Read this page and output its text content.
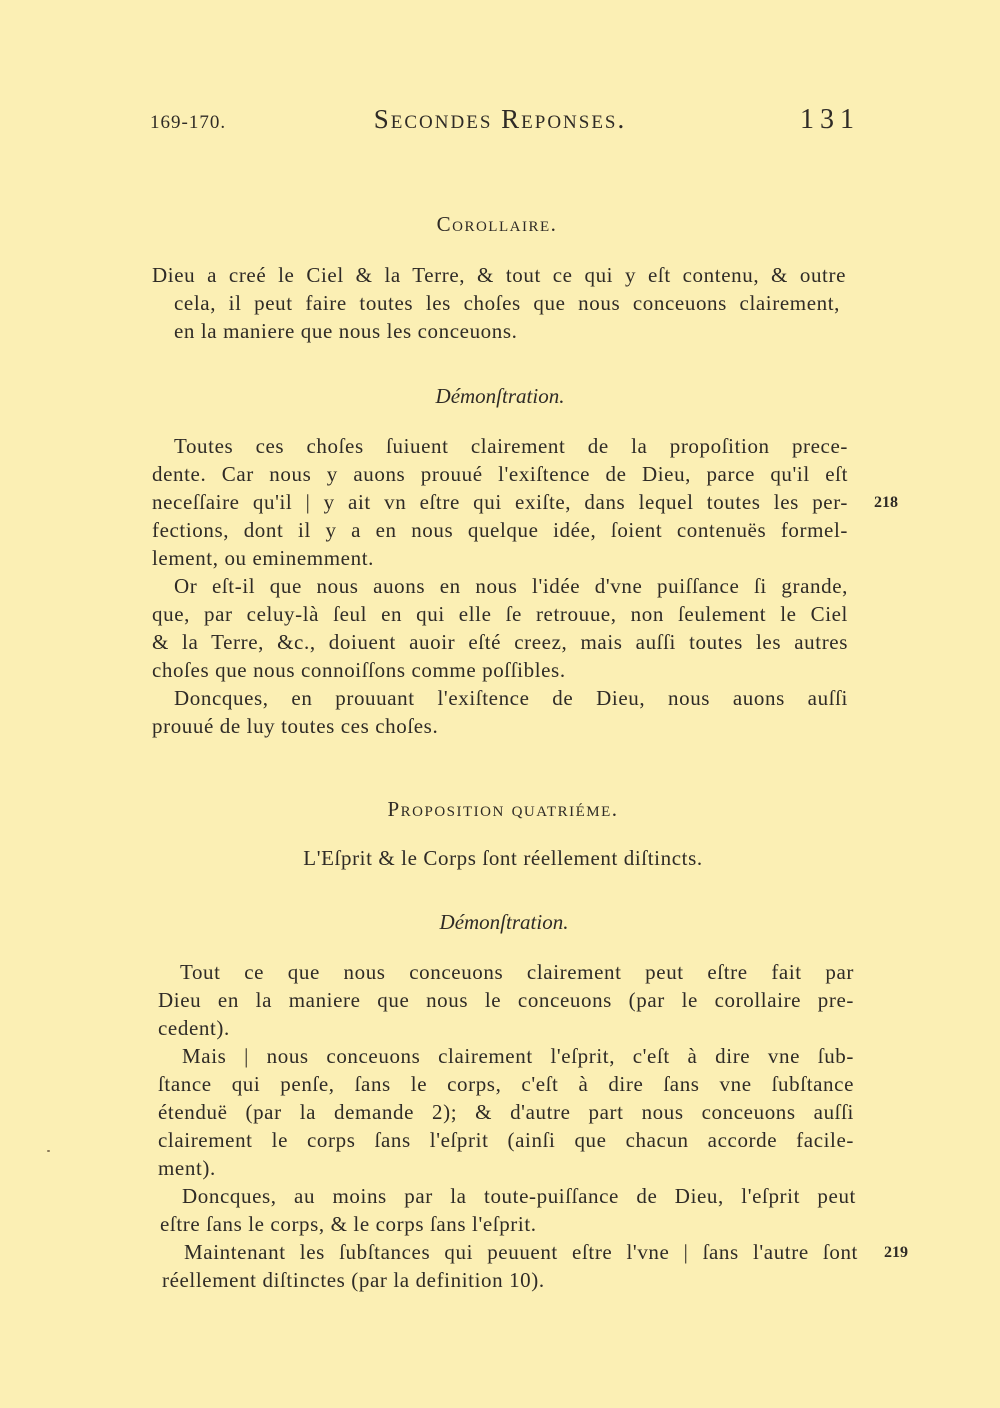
169-170.	Secondes Reponses.	131
Corollaire.
Dieu a creé le Ciel & la Terre, & tout ce qui y eſt contenu, & outre
cela, il peut faire toutes les choſes que nous conceuons clairement,
en la maniere que nous les conceuons.
Démonſtration.
Toutes ces choſes ſuiuent clairement de la propoſition prece-
dente. Car nous y auons prouué l'exiſtence de Dieu, parce qu'il eſt
neceſſaire qu'il | y ait vn eſtre qui exiſte, dans lequel toutes les per- 218
fections, dont il y a en nous quelque idée, ſoient contenuës formel-
lement, ou eminemment.
Or eſt-il que nous auons en nous l'idée d'vne puiſſance ſi grande,
que, par celuy-là ſeul en qui elle ſe retrouue, non ſeulement le Ciel
& la Terre, &c., doiuent auoir eſté creez, mais auſſi toutes les autres
choſes que nous connoiſſons comme poſſibles.
Doncques, en prouuant l'exiſtence de Dieu, nous auons auſſi
prouué de luy toutes ces choſes.
Proposition quatriéme.
L'Eſprit & le Corps ſont réellement diſtincts.
Démonſtration.
Tout ce que nous conceuons clairement peut eſtre fait par
Dieu en la maniere que nous le conceuons (par le corollaire pre-
cedent).
Mais | nous conceuons clairement l'eſprit, c'eſt à dire vne ſub-
ſtance qui penſe, ſans le corps, c'eſt à dire ſans vne ſubſtance
étenduë (par la demande 2); & d'autre part nous conceuons auſſi
clairement le corps ſans l'eſprit (ainſi que chacun accorde facile-
ment).
Doncques, au moins par la toute-puiſſance de Dieu, l'eſprit peut
eſtre ſans le corps, & le corps ſans l'eſprit.
Maintenant les ſubſtances qui peuuent eſtre l'vne | ſans l'autre ſont 219
réellement diſtinctes (par la definition 10).
